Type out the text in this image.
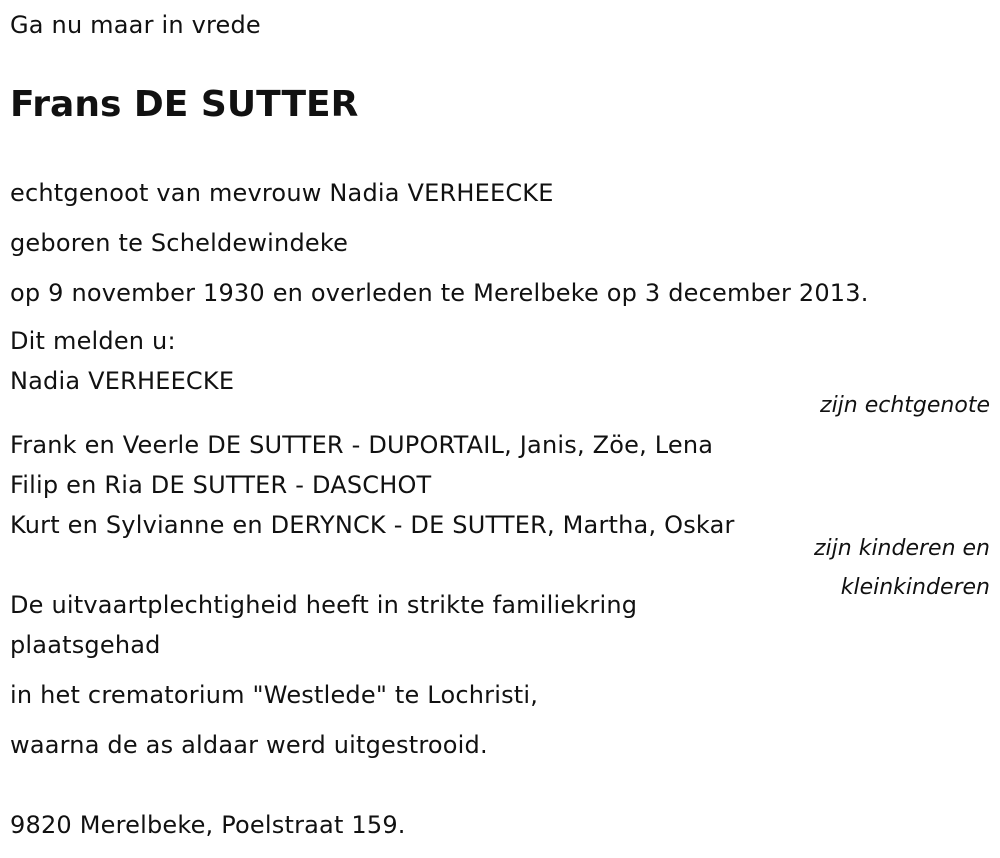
Ga nu maar in vrede
Frans DE SUTTER
echtgenoot van mevrouw Nadia VERHEECKE
geboren te Scheldewindeke
op 9 november 1930 en overleden te Merelbeke op 3 december 2013.
Dit melden u:
Nadia VERHEECKE
zijn echtgenote
Frank en Veerle DE SUTTER - DUPORTAIL, Janis, Zöe, Lena
Filip en Ria DE SUTTER - DASCHOT
Kurt en Sylvianne en DERYNCK - DE SUTTER, Martha, Oskar
zijn kinderen en
kleinkinderen
De uitvaartplechtigheid heeft in strikte familiekring
plaatsgehad
in het crematorium "Westlede" te Lochristi,
waarna de as aldaar werd uitgestrooid.
9820 Merelbeke, Poelstraat 159.
